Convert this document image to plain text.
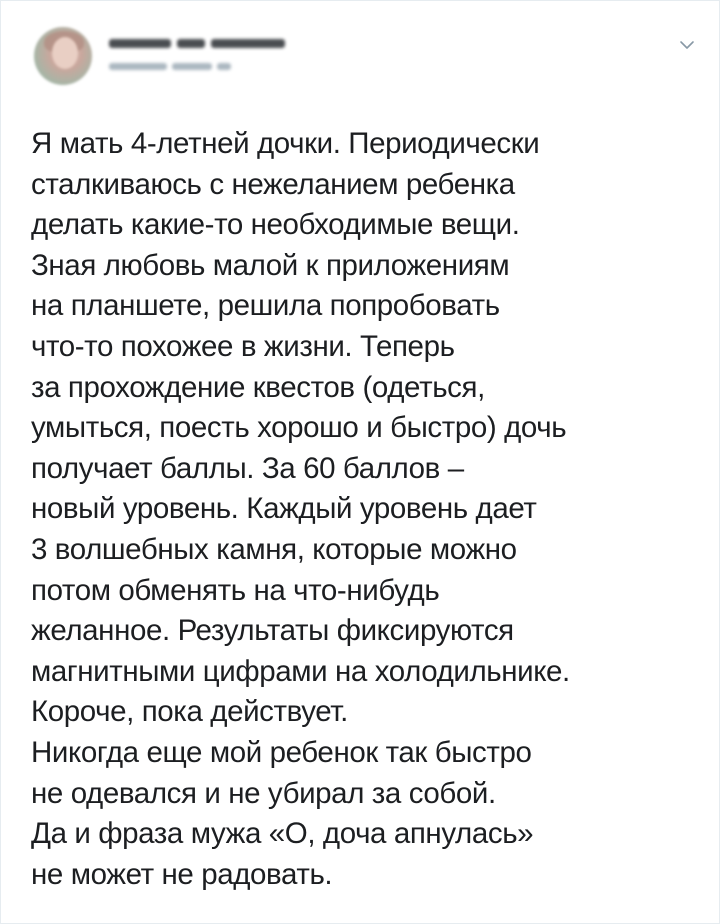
Я мать 4-летней дочки. Периодически
сталкиваюсь с нежеланием ребенка
делать какие-то необходимые вещи.
Зная любовь малой к приложениям
на планшете, решила попробовать
что-то похожее в жизни. Теперь
за прохождение квестов (одеться,
умыться, поесть хорошо и быстро) дочь
получает баллы. За 60 баллов –
новый уровень. Каждый уровень дает
3 волшебных камня, которые можно
потом обменять на что-нибудь
желанное. Результаты фиксируются
магнитными цифрами на холодильнике.
Короче, пока действует.
Никогда еще мой ребенок так быстро
не одевался и не убирал за собой.
Да и фраза мужа «О, доча апнулась»
не может не радовать.
